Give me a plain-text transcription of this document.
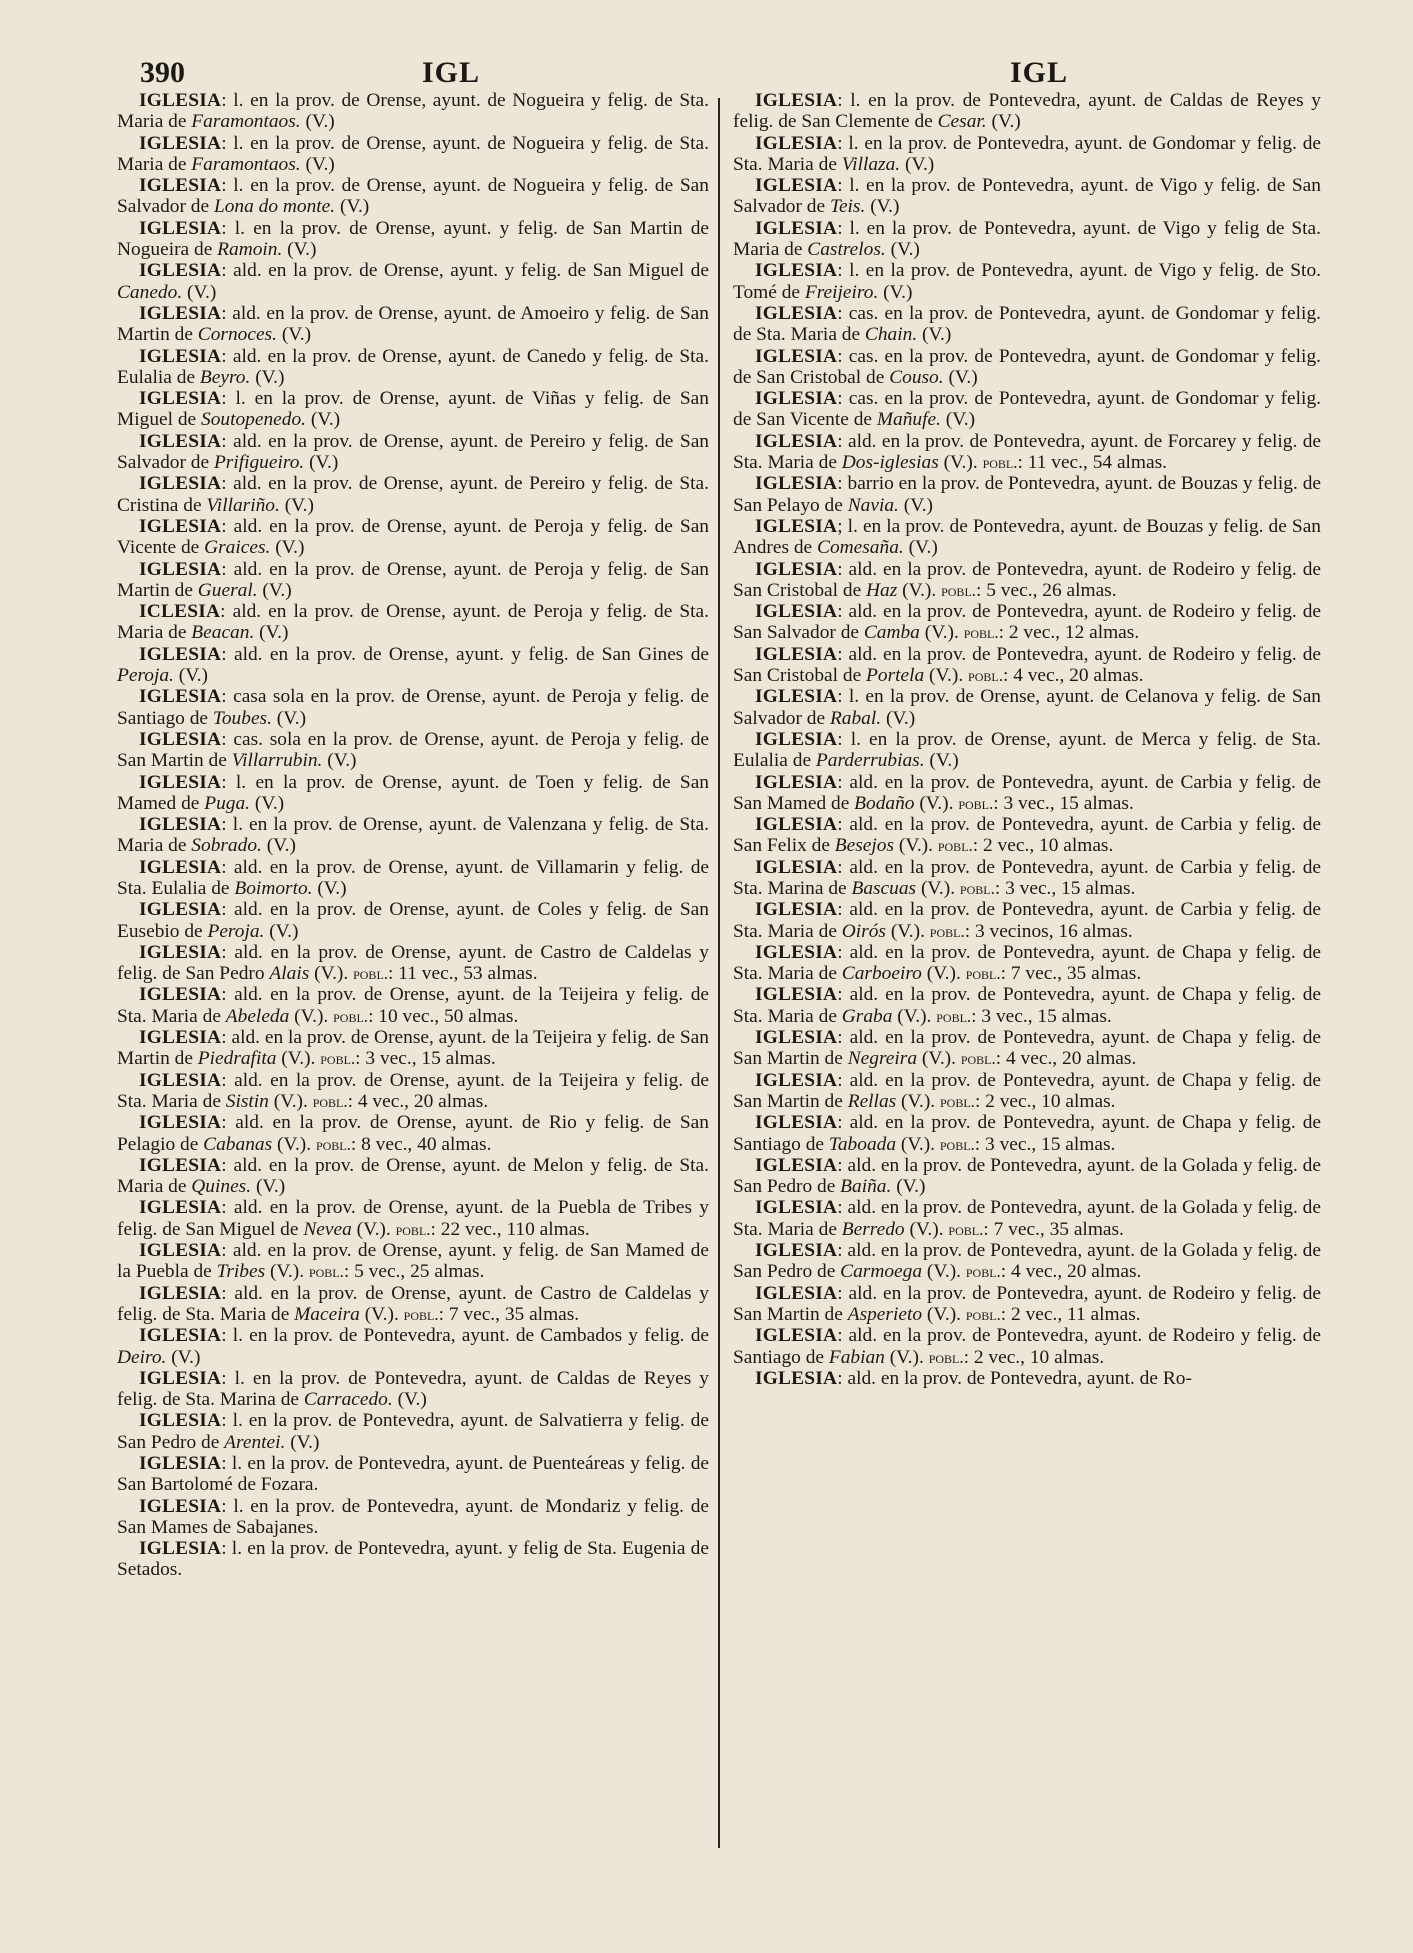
390	IGL	IGL

IGLESIA: l. en la prov. de Orense, ayunt. de Nogueira y felig. de Sta. Maria de Faramontaos. (V.)

IGLESIA: l. en la prov. de Orense, ayunt. de Nogueira y felig. de Sta. Maria de Faramontaos. (V.)

IGLESIA: l. en la prov. de Orense, ayunt. de Nogueira y felig. de San Salvador de Lona do monte. (V.)

IGLESIA: l. en la prov. de Orense, ayunt. y felig. de San Martin de Nogueira de Ramoin. (V.)

IGLESIA: ald. en la prov. de Orense, ayunt. y felig. de San Miguel de Canedo. (V.)

IGLESIA: ald. en la prov. de Orense, ayunt. de Amoeiro y felig. de San Martin de Cornoces. (V.)

IGLESIA: ald. en la prov. de Orense, ayunt. de Canedo y felig. de Sta. Eulalia de Beyro. (V.)

IGLESIA: l. en la prov. de Orense, ayunt. de Viñas y felig. de San Miguel de Soutopenedo. (V.)

IGLESIA: ald. en la prov. de Orense, ayunt. de Pereiro y felig. de San Salvador de Prifigueiro. (V.)

IGLESIA: ald. en la prov. de Orense, ayunt. de Pereiro y felig. de Sta. Cristina de Villariño. (V.)

IGLESIA: ald. en la prov. de Orense, ayunt. de Peroja y felig. de San Vicente de Graices. (V.)

IGLESIA: ald. en la prov. de Orense, ayunt. de Peroja y felig. de San Martin de Gueral. (V.)

ICLESIA: ald. en la prov. de Orense, ayunt. de Peroja y felig. de Sta. Maria de Beacan. (V.)

IGLESIA: ald. en la prov. de Orense, ayunt. y felig. de San Gines de Peroja. (V.)

IGLESIA: casa sola en la prov. de Orense, ayunt. de Peroja y felig. de Santiago de Toubes. (V.)

IGLESIA: cas. sola en la prov. de Orense, ayunt. de Peroja y felig. de San Martin de Villarrubin. (V.)

IGLESIA: l. en la prov. de Orense, ayunt. de Toen y felig. de San Mamed de Puga. (V.)

IGLESIA: l. en la prov. de Orense, ayunt. de Valenzana y felig. de Sta. Maria de Sobrado. (V.)

IGLESIA: ald. en la prov. de Orense, ayunt. de Villamarin y felig. de Sta. Eulalia de Boimorto. (V.)

IGLESIA: ald. en la prov. de Orense, ayunt. de Coles y felig. de San Eusebio de Peroja. (V.)

IGLESIA: ald. en la prov. de Orense, ayunt. de Castro de Caldelas y felig. de San Pedro Alais (V.). pobl.: 11 vec., 53 almas.

IGLESIA: ald. en la prov. de Orense, ayunt. de la Teijeira y felig. de Sta. Maria de Abeleda (V.). pobl.: 10 vec., 50 almas.

IGLESIA: ald. en la prov. de Orense, ayunt. de la Teijeira y felig. de San Martin de Piedrafita (V.). pobl.: 3 vec., 15 almas.

IGLESIA: ald. en la prov. de Orense, ayunt. de la Teijeira y felig. de Sta. Maria de Sistin (V.). pobl.: 4 vec., 20 almas.

IGLESIA: ald. en la prov. de Orense, ayunt. de Rio y felig. de San Pelagio de Cabanas (V.). pobl.: 8 vec., 40 almas.

IGLESIA: ald. en la prov. de Orense, ayunt. de Melon y felig. de Sta. Maria de Quines. (V.)

IGLESIA: ald. en la prov. de Orense, ayunt. de la Puebla de Tribes y felig. de San Miguel de Nevea (V.). pobl.: 22 vec., 110 almas.

IGLESIA: ald. en la prov. de Orense, ayunt. y felig. de San Mamed de la Puebla de Tribes (V.). pobl.: 5 vec., 25 almas.

IGLESIA: ald. en la prov. de Orense, ayunt. de Castro de Caldelas y felig. de Sta. Maria de Maceira (V.). pobl.: 7 vec., 35 almas.

IGLESIA: l. en la prov. de Pontevedra, ayunt. de Cambados y felig. de Deiro. (V.)

IGLESIA: l. en la prov. de Pontevedra, ayunt. de Caldas de Reyes y felig. de Sta. Marina de Carracedo. (V.)

IGLESIA: l. en la prov. de Pontevedra, ayunt. de Salvatierra y felig. de San Pedro de Arentei. (V.)

IGLESIA: l. en la prov. de Pontevedra, ayunt. de Puenteáreas y felig. de San Bartolomé de Fozara.

IGLESIA: l. en la prov. de Pontevedra, ayunt. de Mondariz y felig. de San Mames de Sabajanes.

IGLESIA: l. en la prov. de Pontevedra, ayunt. y felig de Sta. Eugenia de Setados.

IGLESIA: l. en la prov. de Pontevedra, ayunt. de Caldas de Reyes y felig. de San Clemente de Cesar. (V.)

IGLESIA: l. en la prov. de Pontevedra, ayunt. de Gondomar y felig. de Sta. Maria de Villaza. (V.)

IGLESIA: l. en la prov. de Pontevedra, ayunt. de Vigo y felig. de San Salvador de Teis. (V.)

IGLESIA: l. en la prov. de Pontevedra, ayunt. de Vigo y felig de Sta. Maria de Castrelos. (V.)

IGLESIA: l. en la prov. de Pontevedra, ayunt. de Vigo y felig. de Sto. Tomé de Freijeiro. (V.)

IGLESIA: cas. en la prov. de Pontevedra, ayunt. de Gondomar y felig. de Sta. Maria de Chain. (V.)

IGLESIA: cas. en la prov. de Pontevedra, ayunt. de Gondomar y felig. de San Cristobal de Couso. (V.)

IGLESIA: cas. en la prov. de Pontevedra, ayunt. de Gondomar y felig. de San Vicente de Mañufe. (V.)

IGLESIA: ald. en la prov. de Pontevedra, ayunt. de Forcarey y felig. de Sta. Maria de Dos-iglesias (V.). pobl.: 11 vec., 54 almas.

IGLESIA: barrio en la prov. de Pontevedra, ayunt. de Bouzas y felig. de San Pelayo de Navia. (V.)

IGLESIA; l. en la prov. de Pontevedra, ayunt. de Bouzas y felig. de San Andres de Comesaña. (V.)

IGLESIA: ald. en la prov. de Pontevedra, ayunt. de Rodeiro y felig. de San Cristobal de Haz (V.). pobl.: 5 vec., 26 almas.

IGLESIA: ald. en la prov. de Pontevedra, ayunt. de Rodeiro y felig. de San Salvador de Camba (V.). pobl.: 2 vec., 12 almas.

IGLESIA: ald. en la prov. de Pontevedra, ayunt. de Rodeiro y felig. de San Cristobal de Portela (V.). pobl.: 4 vec., 20 almas.

IGLESIA: l. en la prov. de Orense, ayunt. de Celanova y felig. de San Salvador de Rabal. (V.)

IGLESIA: l. en la prov. de Orense, ayunt. de Merca y felig. de Sta. Eulalia de Parderrubias. (V.)

IGLESIA: ald. en la prov. de Pontevedra, ayunt. de Carbia y felig. de San Mamed de Bodaño (V.). pobl.: 3 vec., 15 almas.

IGLESIA: ald. en la prov. de Pontevedra, ayunt. de Carbia y felig. de San Felix de Besejos (V.). pobl.: 2 vec., 10 almas.

IGLESIA: ald. en la prov. de Pontevedra, ayunt. de Carbia y felig. de Sta. Marina de Bascuas (V.). pobl.: 3 vec., 15 almas.

IGLESIA: ald. en la prov. de Pontevedra, ayunt. de Carbia y felig. de Sta. Maria de Oirós (V.). pobl.: 3 vecinos, 16 almas.

IGLESIA: ald. en la prov. de Pontevedra, ayunt. de Chapa y felig. de Sta. Maria de Carboeiro (V.). pobl.: 7 vec., 35 almas.

IGLESIA: ald. en la prov. de Pontevedra, ayunt. de Chapa y felig. de Sta. Maria de Graba (V.). pobl.: 3 vec., 15 almas.

IGLESIA: ald. en la prov. de Pontevedra, ayunt. de Chapa y felig. de San Martin de Negreira (V.). pobl.: 4 vec., 20 almas.

IGLESIA: ald. en la prov. de Pontevedra, ayunt. de Chapa y felig. de San Martin de Rellas (V.). pobl.: 2 vec., 10 almas.

IGLESIA: ald. en la prov. de Pontevedra, ayunt. de Chapa y felig. de Santiago de Taboada (V.). pobl.: 3 vec., 15 almas.

IGLESIA: ald. en la prov. de Pontevedra, ayunt. de la Golada y felig. de San Pedro de Baiña. (V.)

IGLESIA: ald. en la prov. de Pontevedra, ayunt. de la Golada y felig. de Sta. Maria de Berredo (V.). pobl.: 7 vec., 35 almas.

IGLESIA: ald. en la prov. de Pontevedra, ayunt. de la Golada y felig. de San Pedro de Carmoega (V.). pobl.: 4 vec., 20 almas.

IGLESIA: ald. en la prov. de Pontevedra, ayunt. de Rodeiro y felig. de San Martin de Asperieto (V.). pobl.: 2 vec., 11 almas.

IGLESIA: ald. en la prov. de Pontevedra, ayunt. de Rodeiro y felig. de Santiago de Fabian (V.). pobl.: 2 vec., 10 almas.

IGLESIA: ald. en la prov. de Pontevedra, ayunt. de Ro-
